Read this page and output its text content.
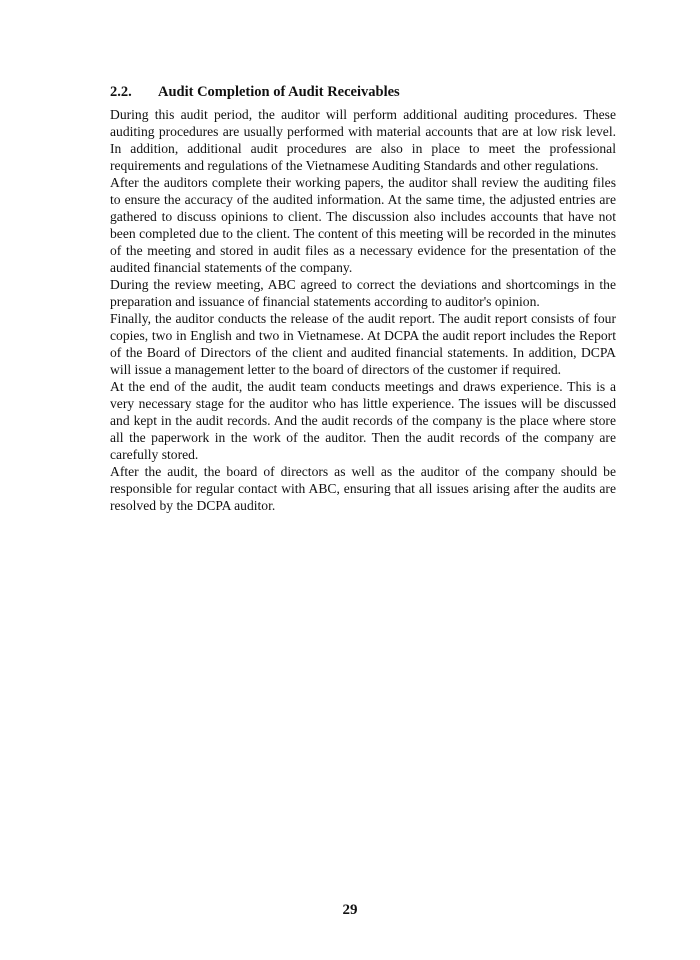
2.2. Audit Completion of Audit Receivables

During this audit period, the auditor will perform additional auditing procedures. These auditing procedures are usually performed with material accounts that are at low risk level. In addition, additional audit procedures are also in place to meet the professional requirements and regulations of the Vietnamese Auditing Standards and other regulations.

After the auditors complete their working papers, the auditor shall review the auditing files to ensure the accuracy of the audited information. At the same time, the adjusted entries are gathered to discuss opinions to client. The discussion also includes accounts that have not been completed due to the client. The content of this meeting will be recorded in the minutes of the meeting and stored in audit files as a necessary evidence for the presentation of the audited financial statements of the company.

During the review meeting, ABC agreed to correct the deviations and shortcomings in the preparation and issuance of financial statements according to auditor's opinion.

Finally, the auditor conducts the release of the audit report. The audit report consists of four copies, two in English and two in Vietnamese. At DCPA the audit report includes the Report of the Board of Directors of the client and audited financial statements. In addition, DCPA will issue a management letter to the board of directors of the customer if required.

At the end of the audit, the audit team conducts meetings and draws experience. This is a very necessary stage for the auditor who has little experience. The issues will be discussed and kept in the audit records. And the audit records of the company is the place where store all the paperwork in the work of the auditor. Then the audit records of the company are carefully stored.

After the audit, the board of directors as well as the auditor of the company should be responsible for regular contact with ABC, ensuring that all issues arising after the audits are resolved by the DCPA auditor.

29
